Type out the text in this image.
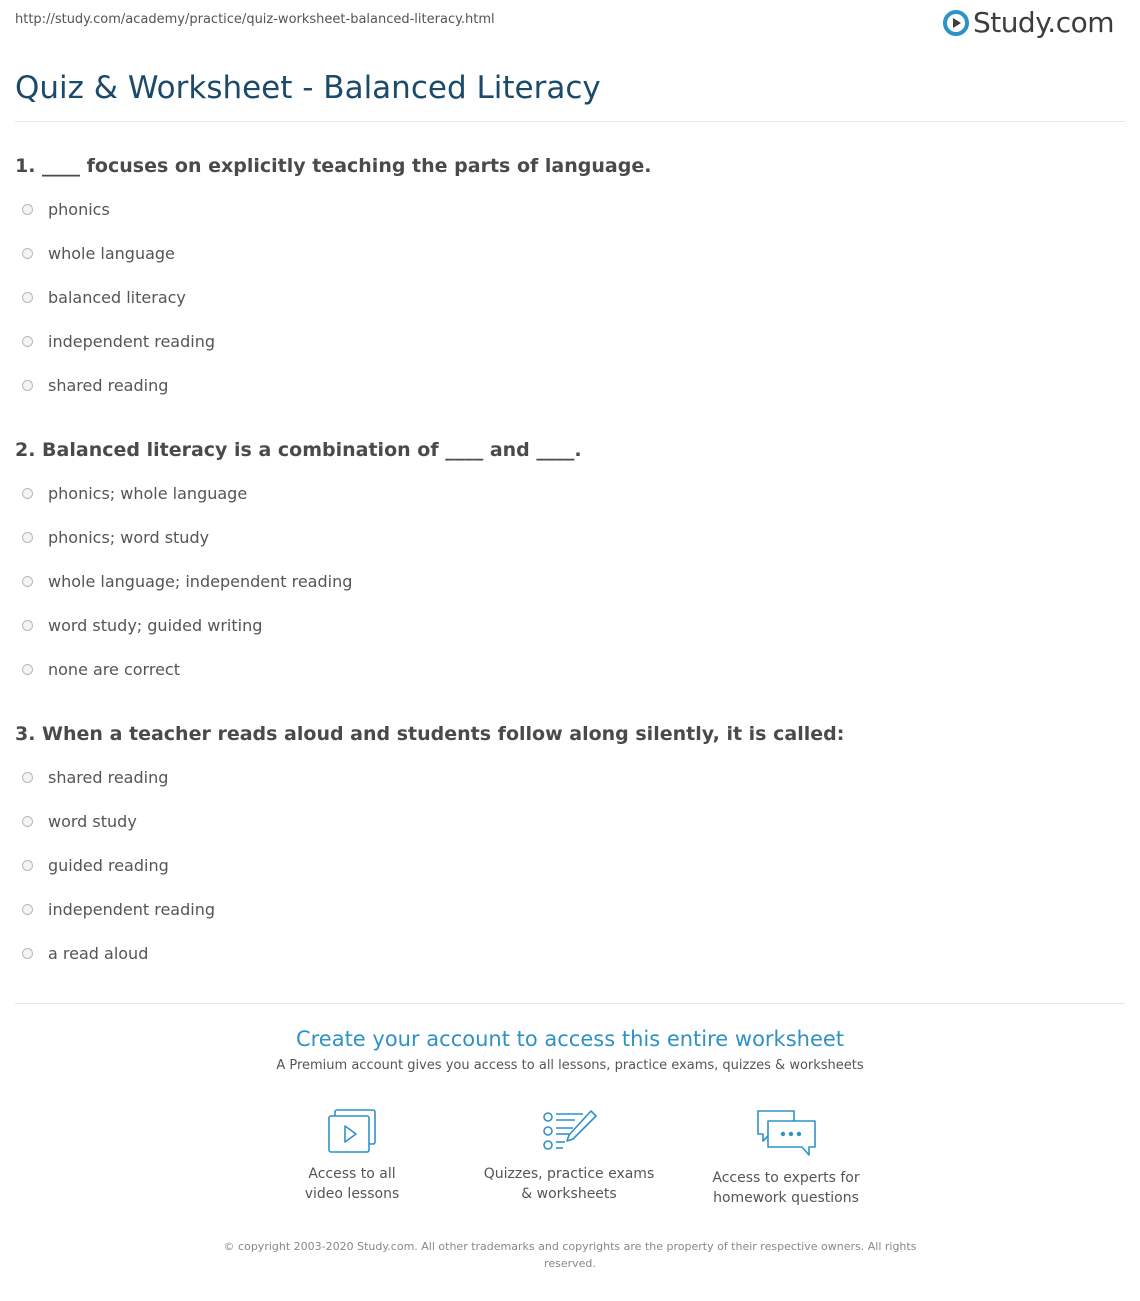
http://study.com/academy/practice/quiz-worksheet-balanced-literacy.html	Study.com
Quiz & Worksheet - Balanced Literacy
1. ____ focuses on explicitly teaching the parts of language.
phonics
whole language
balanced literacy
independent reading
shared reading
2. Balanced literacy is a combination of ____ and ____.
phonics; whole language
phonics; word study
whole language; independent reading
word study; guided writing
none are correct
3. When a teacher reads aloud and students follow along silently, it is called:
shared reading
word study
guided reading
independent reading
a read aloud
Create your account to access this entire worksheet
A Premium account gives you access to all lessons, practice exams, quizzes & worksheets
Access to all
video lessons
Quizzes, practice exams
& worksheets
Access to experts for
homework questions
© copyright 2003-2020 Study.com. All other trademarks and copyrights are the property of their respective owners. All rights reserved.
